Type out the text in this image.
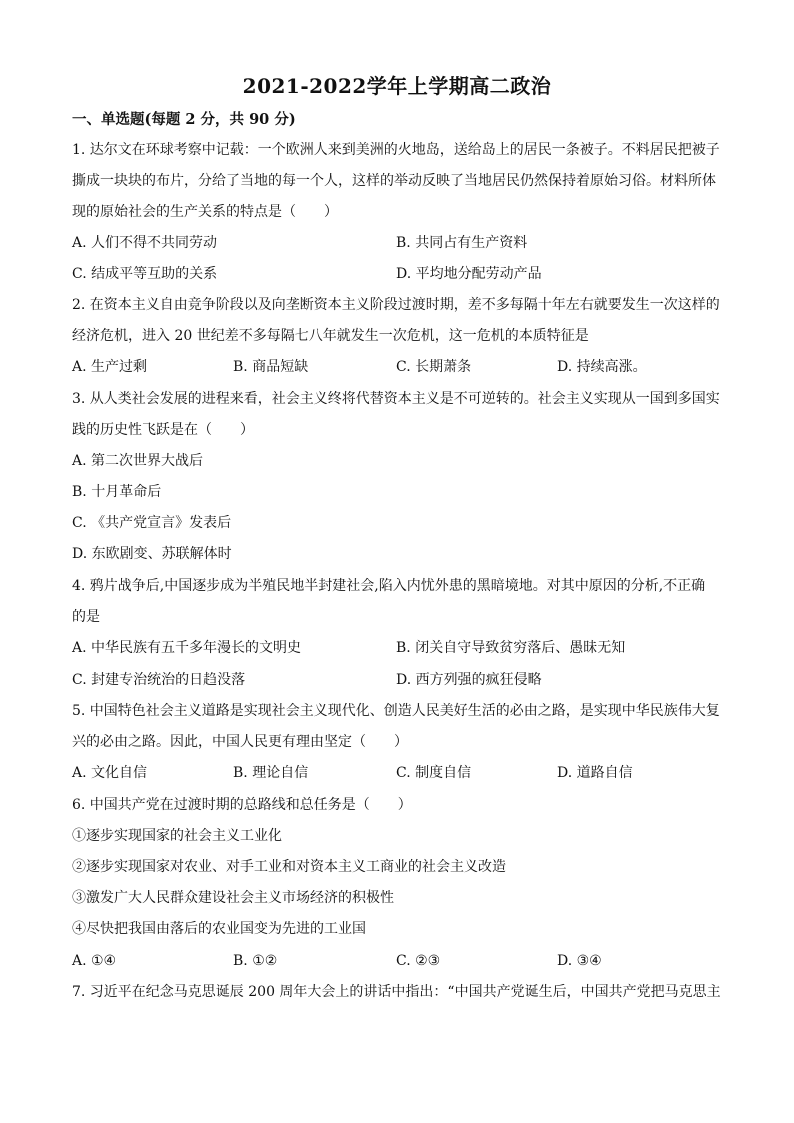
2021-2022学年上学期高二政治
一、单选题(每题 2 分，共 90 分)
1. 达尔文在环球考察中记载：一个欧洲人来到美洲的火地岛，送给岛上的居民一条被子。不料居民把被子
撕成一块块的布片，分给了当地的每一个人，这样的举动反映了当地居民仍然保持着原始习俗。材料所体
现的原始社会的生产关系的特点是（　　）
A. 人们不得不共同劳动	B. 共同占有生产资料
C. 结成平等互助的关系	D. 平均地分配劳动产品
2. 在资本主义自由竞争阶段以及向垄断资本主义阶段过渡时期，差不多每隔十年左右就要发生一次这样的
经济危机，进入 20 世纪差不多每隔七八年就发生一次危机，这一危机的本质特征是
A. 生产过剩	B. 商品短缺	C. 长期萧条	D. 持续高涨。
3. 从人类社会发展的进程来看，社会主义终将代替资本主义是不可逆转的。社会主义实现从一国到多国实
践的历史性飞跃是在（　　）
A. 第二次世界大战后
B. 十月革命后
C. 《共产党宣言》发表后
D. 东欧剧变、苏联解体时
4. 鸦片战争后,中国逐步成为半殖民地半封建社会,陷入内忧外患的黑暗境地。对其中原因的分析,不正确
的是
A. 中华民族有五千多年漫长的文明史	B. 闭关自守导致贫穷落后、愚昧无知
C. 封建专治统治的日趋没落	D. 西方列强的疯狂侵略
5. 中国特色社会主义道路是实现社会主义现代化、创造人民美好生活的必由之路，是实现中华民族伟大复
兴的必由之路。因此，中国人民更有理由坚定（　　）
A. 文化自信	B. 理论自信	C. 制度自信	D. 道路自信
6. 中国共产党在过渡时期的总路线和总任务是（　　）
①逐步实现国家的社会主义工业化
②逐步实现国家对农业、对手工业和对资本主义工商业的社会主义改造
③激发广大人民群众建设社会主义市场经济的积极性
④尽快把我国由落后的农业国变为先进的工业国
A. ①④	B. ①②	C. ②③	D. ③④
7. 习近平在纪念马克思诞辰 200 周年大会上的讲话中指出：“中国共产党诞生后，中国共产党把马克思主
